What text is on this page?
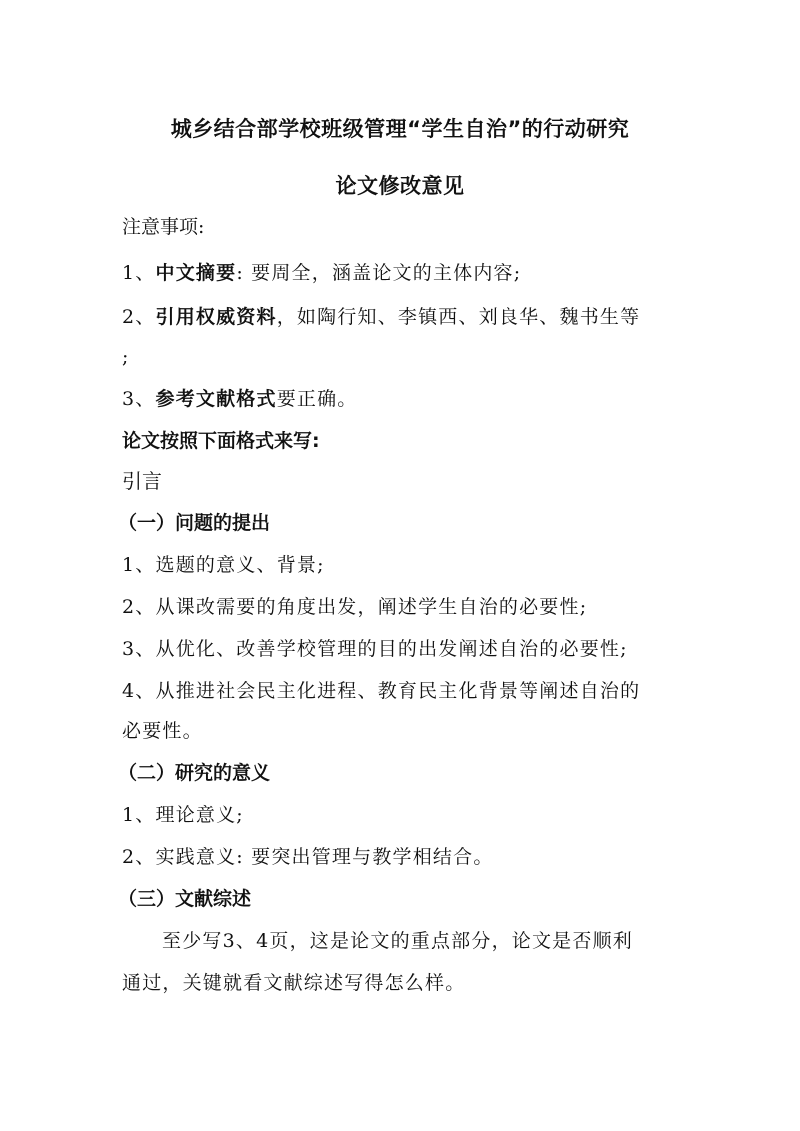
城乡结合部学校班级管理“学生自治”的行动研究
论文修改意见
注意事项:
1、中文摘要: 要周全，涵盖论文的主体内容;
2、引用权威资料，如陶行知、李镇西、刘良华、魏书生等
;
3、参考文献格式要正确。
论文按照下面格式来写:
引言
（一）问题的提出
1、选题的意义、背景;
2、从课改需要的角度出发，阐述学生自治的必要性;
3、从优化、改善学校管理的目的出发阐述自治的必要性;
4、从推进社会民主化进程、教育民主化背景等阐述自治的
必要性。
（二）研究的意义
1、理论意义;
2、实践意义: 要突出管理与教学相结合。
（三）文献综述
至少写3、4页，这是论文的重点部分，论文是否顺利
通过，关键就看文献综述写得怎么样。
